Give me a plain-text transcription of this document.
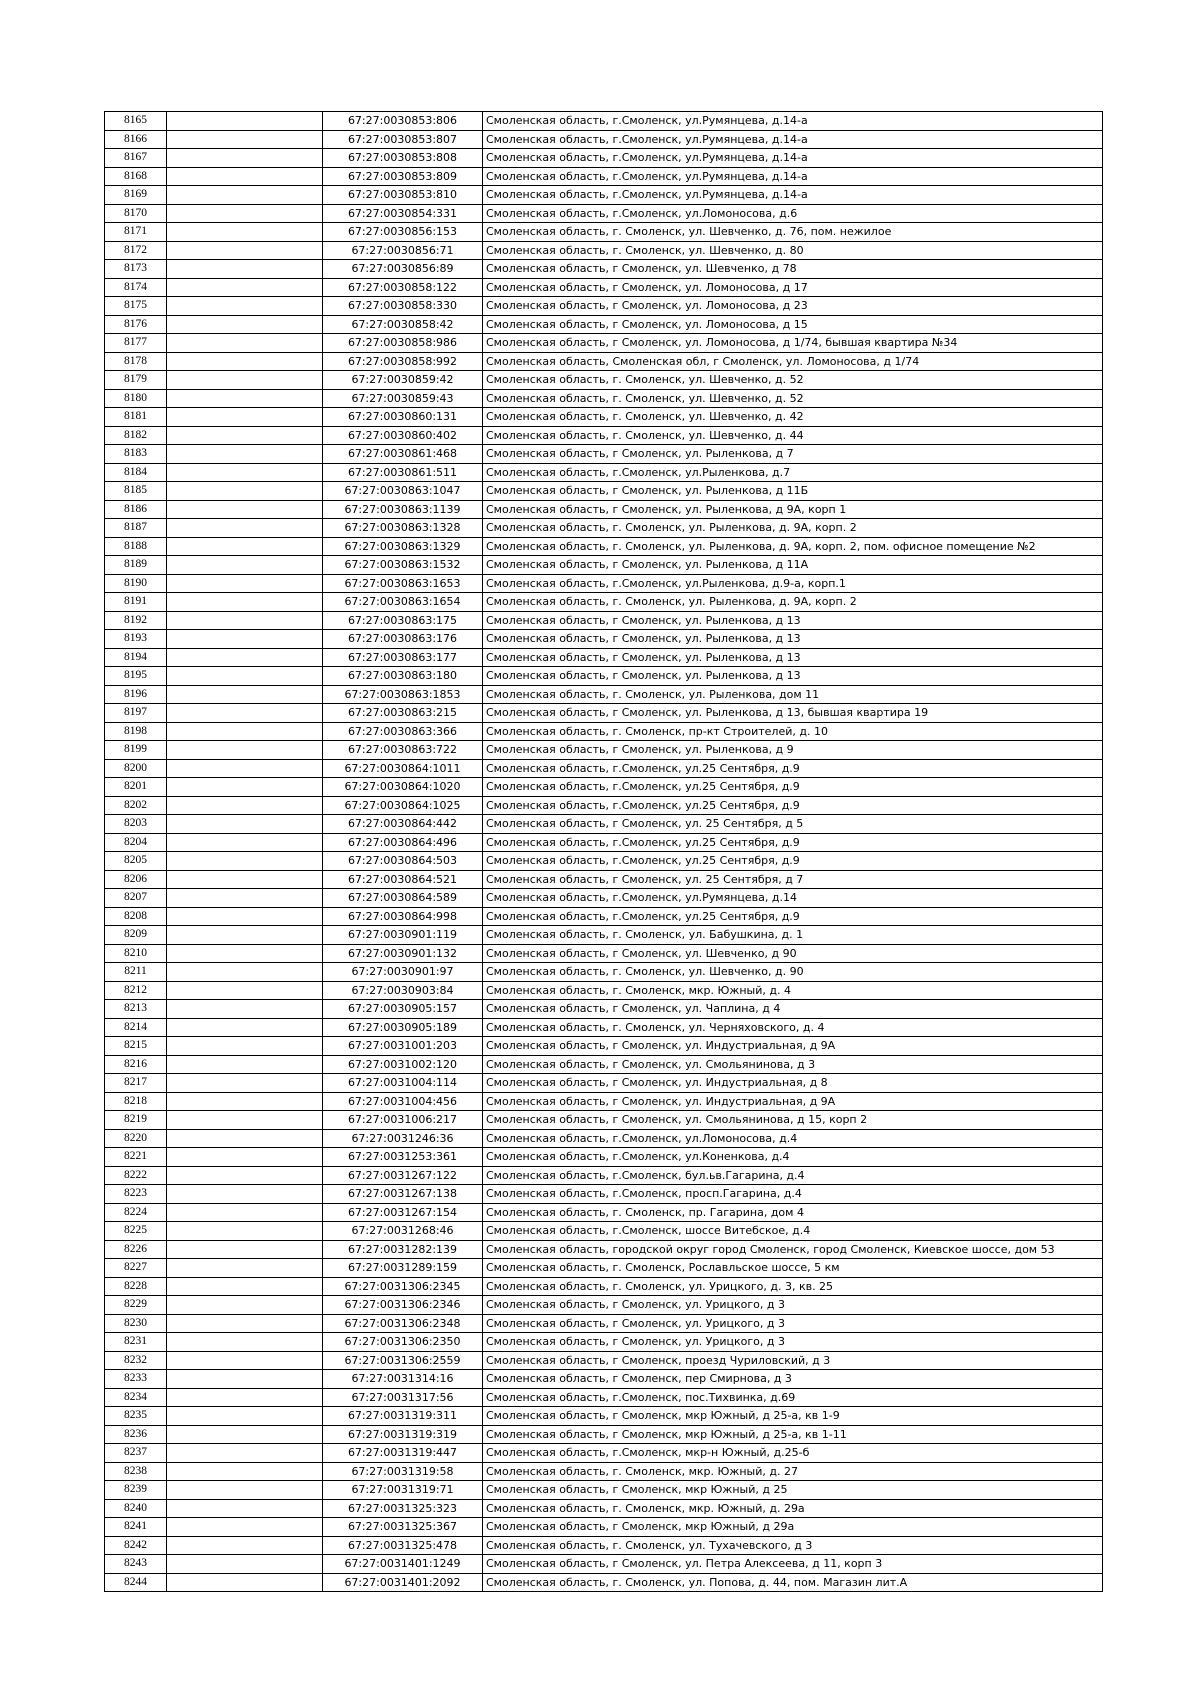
8165		67:27:0030853:806	Смоленская область, г.Смоленск, ул.Румянцева, д.14-а
8166		67:27:0030853:807	Смоленская область, г.Смоленск, ул.Румянцева, д.14-а
8167		67:27:0030853:808	Смоленская область, г.Смоленск, ул.Румянцева, д.14-а
8168		67:27:0030853:809	Смоленская область, г.Смоленск, ул.Румянцева, д.14-а
8169		67:27:0030853:810	Смоленская область, г.Смоленск, ул.Румянцева, д.14-а
8170		67:27:0030854:331	Смоленская область, г.Смоленск, ул.Ломоносова, д.6
8171		67:27:0030856:153	Смоленская область, г. Смоленск, ул. Шевченко, д. 76, пом. нежилое
8172		67:27:0030856:71	Смоленская область, г. Смоленск, ул. Шевченко, д. 80
8173		67:27:0030856:89	Смоленская область, г Смоленск, ул. Шевченко, д 78
8174		67:27:0030858:122	Смоленская область, г Смоленск, ул. Ломоносова, д 17
8175		67:27:0030858:330	Смоленская область, г Смоленск, ул. Ломоносова, д 23
8176		67:27:0030858:42	Смоленская область, г Смоленск, ул. Ломоносова, д 15
8177		67:27:0030858:986	Смоленская область, г Смоленск, ул. Ломоносова, д 1/74, бывшая квартира №34
8178		67:27:0030858:992	Смоленская область, Смоленская обл, г Смоленск, ул. Ломоносова, д 1/74
8179		67:27:0030859:42	Смоленская область, г. Смоленск, ул. Шевченко, д. 52
8180		67:27:0030859:43	Смоленская область, г. Смоленск, ул. Шевченко, д. 52
8181		67:27:0030860:131	Смоленская область, г. Смоленск, ул. Шевченко, д. 42
8182		67:27:0030860:402	Смоленская область, г. Смоленск, ул. Шевченко, д. 44
8183		67:27:0030861:468	Смоленская область, г Смоленск, ул. Рыленкова, д 7
8184		67:27:0030861:511	Смоленская область, г.Смоленск, ул.Рыленкова, д.7
8185		67:27:0030863:1047	Смоленская область, г Смоленск, ул. Рыленкова, д 11Б
8186		67:27:0030863:1139	Смоленская область, г Смоленск, ул. Рыленкова, д 9А, корп 1
8187		67:27:0030863:1328	Смоленская область, г. Смоленск, ул. Рыленкова, д. 9А, корп. 2
8188		67:27:0030863:1329	Смоленская область, г. Смоленск, ул. Рыленкова, д. 9А, корп. 2, пом. офисное помещение №2
8189		67:27:0030863:1532	Смоленская область, г Смоленск, ул. Рыленкова, д 11А
8190		67:27:0030863:1653	Смоленская область, г.Смоленск, ул.Рыленкова, д.9-а, корп.1
8191		67:27:0030863:1654	Смоленская область, г. Смоленск, ул. Рыленкова, д. 9А, корп. 2
8192		67:27:0030863:175	Смоленская область, г Смоленск, ул. Рыленкова, д 13
8193		67:27:0030863:176	Смоленская область, г Смоленск, ул. Рыленкова, д 13
8194		67:27:0030863:177	Смоленская область, г Смоленск, ул. Рыленкова, д 13
8195		67:27:0030863:180	Смоленская область, г Смоленск, ул. Рыленкова, д 13
8196		67:27:0030863:1853	Смоленская область, г. Смоленск, ул. Рыленкова, дом 11
8197		67:27:0030863:215	Смоленская область, г Смоленск, ул. Рыленкова, д 13, бывшая квартира 19
8198		67:27:0030863:366	Смоленская область, г. Смоленск, пр-кт Строителей, д. 10
8199		67:27:0030863:722	Смоленская область, г Смоленск, ул. Рыленкова, д 9
8200		67:27:0030864:1011	Смоленская область, г.Смоленск, ул.25 Сентября, д.9
8201		67:27:0030864:1020	Смоленская область, г.Смоленск, ул.25 Сентября, д.9
8202		67:27:0030864:1025	Смоленская область, г.Смоленск, ул.25 Сентября, д.9
8203		67:27:0030864:442	Смоленская область, г Смоленск, ул. 25 Сентября, д 5
8204		67:27:0030864:496	Смоленская область, г.Смоленск, ул.25 Сентября, д.9
8205		67:27:0030864:503	Смоленская область, г.Смоленск, ул.25 Сентября, д.9
8206		67:27:0030864:521	Смоленская область, г Смоленск, ул. 25 Сентября, д 7
8207		67:27:0030864:589	Смоленская область, г.Смоленск, ул.Румянцева, д.14
8208		67:27:0030864:998	Смоленская область, г.Смоленск, ул.25 Сентября, д.9
8209		67:27:0030901:119	Смоленская область, г. Смоленск, ул. Бабушкина, д. 1
8210		67:27:0030901:132	Смоленская область, г Смоленск, ул. Шевченко, д 90
8211		67:27:0030901:97	Смоленская область, г. Смоленск, ул. Шевченко, д. 90
8212		67:27:0030903:84	Смоленская область, г. Смоленск, мкр. Южный, д. 4
8213		67:27:0030905:157	Смоленская область, г Смоленск, ул. Чаплина, д 4
8214		67:27:0030905:189	Смоленская область, г. Смоленск, ул. Черняховского, д. 4
8215		67:27:0031001:203	Смоленская область, г Смоленск, ул. Индустриальная, д 9А
8216		67:27:0031002:120	Смоленская область, г Смоленск, ул. Смольянинова, д 3
8217		67:27:0031004:114	Смоленская область, г Смоленск, ул. Индустриальная, д 8
8218		67:27:0031004:456	Смоленская область, г Смоленск, ул. Индустриальная, д 9А
8219		67:27:0031006:217	Смоленская область, г Смоленск, ул. Смольянинова, д 15, корп 2
8220		67:27:0031246:36	Смоленская область, г.Смоленск, ул.Ломоносова, д.4
8221		67:27:0031253:361	Смоленская область, г.Смоленск, ул.Коненкова, д.4
8222		67:27:0031267:122	Смоленская область, г.Смоленск, бул.ьв.Гагарина, д.4
8223		67:27:0031267:138	Смоленская область, г.Смоленск, просп.Гагарина, д.4
8224		67:27:0031267:154	Смоленская область, г. Смоленск, пр. Гагарина, дом 4
8225		67:27:0031268:46	Смоленская область, г.Смоленск, шоссе Витебское, д.4
8226		67:27:0031282:139	Смоленская область, городской округ город Смоленск, город Смоленск, Киевское шоссе, дом 53
8227		67:27:0031289:159	Смоленская область, г. Смоленск, Рославльское шоссе, 5 км
8228		67:27:0031306:2345	Смоленская область, г. Смоленск, ул. Урицкого, д. 3, кв. 25
8229		67:27:0031306:2346	Смоленская область, г Смоленск, ул. Урицкого, д 3
8230		67:27:0031306:2348	Смоленская область, г Смоленск, ул. Урицкого, д 3
8231		67:27:0031306:2350	Смоленская область, г Смоленск, ул. Урицкого, д 3
8232		67:27:0031306:2559	Смоленская область, г Смоленск, проезд Чуриловский, д 3
8233		67:27:0031314:16	Смоленская область, г Смоленск, пер Смирнова, д 3
8234		67:27:0031317:56	Смоленская область, г.Смоленск, пос.Тихвинка, д.69
8235		67:27:0031319:311	Смоленская область, г Смоленск, мкр Южный, д 25-а, кв 1-9
8236		67:27:0031319:319	Смоленская область, г Смоленск, мкр Южный, д 25-а, кв 1-11
8237		67:27:0031319:447	Смоленская область, г.Смоленск, мкр-н Южный, д.25-б
8238		67:27:0031319:58	Смоленская область, г. Смоленск, мкр. Южный, д. 27
8239		67:27:0031319:71	Смоленская область, г Смоленск, мкр Южный, д 25
8240		67:27:0031325:323	Смоленская область, г. Смоленск, мкр. Южный, д. 29а
8241		67:27:0031325:367	Смоленская область, г Смоленск, мкр Южный, д 29а
8242		67:27:0031325:478	Смоленская область, г. Смоленск, ул. Тухачевского, д 3
8243		67:27:0031401:1249	Смоленская область, г Смоленск, ул. Петра Алексеева, д 11, корп 3
8244		67:27:0031401:2092	Смоленская область, г. Смоленск, ул. Попова, д. 44, пом. Магазин лит.А
